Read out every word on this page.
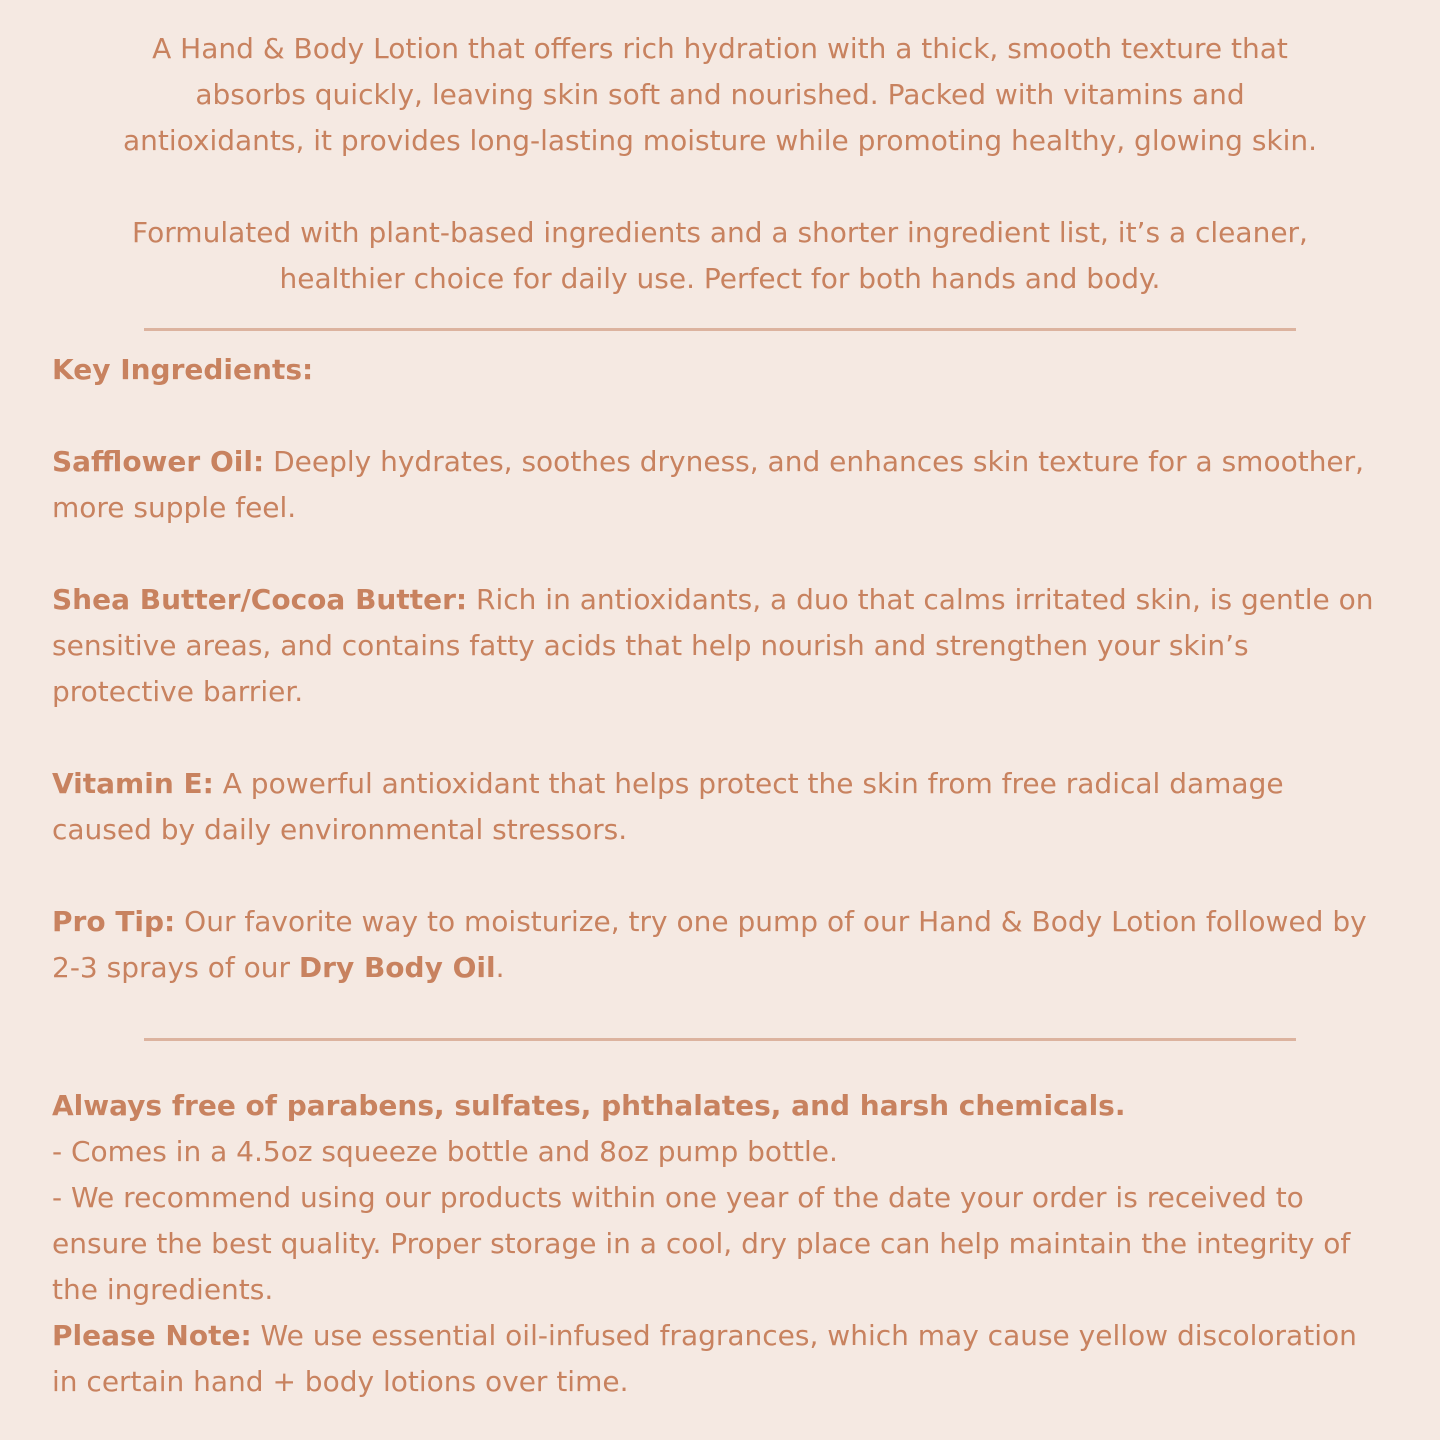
A Hand & Body Lotion that offers rich hydration with a thick, smooth texture that
absorbs quickly, leaving skin soft and nourished. Packed with vitamins and
antioxidants, it provides long-lasting moisture while promoting healthy, glowing skin.

Formulated with plant-based ingredients and a shorter ingredient list, it’s a cleaner,
healthier choice for daily use. Perfect for both hands and body.

Key Ingredients:

Safflower Oil: Deeply hydrates, soothes dryness, and enhances skin texture for a smoother, more supple feel.

Shea Butter/Cocoa Butter: Rich in antioxidants, a duo that calms irritated skin, is gentle on sensitive areas, and contains fatty acids that help nourish and strengthen your skin’s protective barrier.

Vitamin E: A powerful antioxidant that helps protect the skin from free radical damage caused by daily environmental stressors.

Pro Tip: Our favorite way to moisturize, try one pump of our Hand & Body Lotion followed by 2-3 sprays of our Dry Body Oil.

Always free of parabens, sulfates, phthalates, and harsh chemicals.

- Comes in a 4.5oz squeeze bottle and 8oz pump bottle.

- We recommend using our products within one year of the date your order is received to ensure the best quality. Proper storage in a cool, dry place can help maintain the integrity of the ingredients.

Please Note: We use essential oil-infused fragrances, which may cause yellow discoloration in certain hand + body lotions over time.
